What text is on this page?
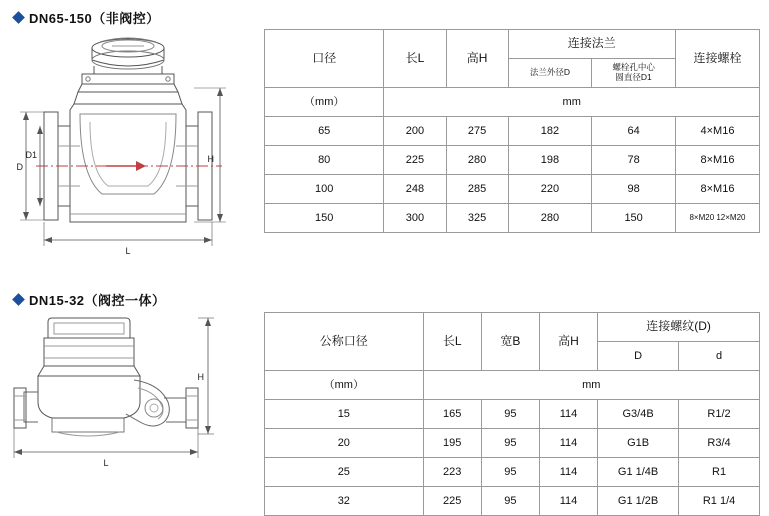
DN65-150（非阀控）
DN15-32（阀控一体）
H
D
D1
L
H
L
口径	长L	高H	连接法兰		连接螺栓
			法兰外径D	螺栓孔中心
圆直径D1	

（mm）	mm				
65	200	275	182	64	4×M16
80	225	280	198	78	8×M16
100	248	285	220	98	8×M16
150	300	325	280	150	8×M20 12×M20
公称口径	长L	宽B	高H	连接螺纹(D)	
				D	d
（mm）	mm				
15	165	95	114	G3/4B	R1/2
20	195	95	114	G1B	R3/4
25	223	95	114	G1 1/4B	R1
32	225	95	114	G1 1/2B	R1 1/4
